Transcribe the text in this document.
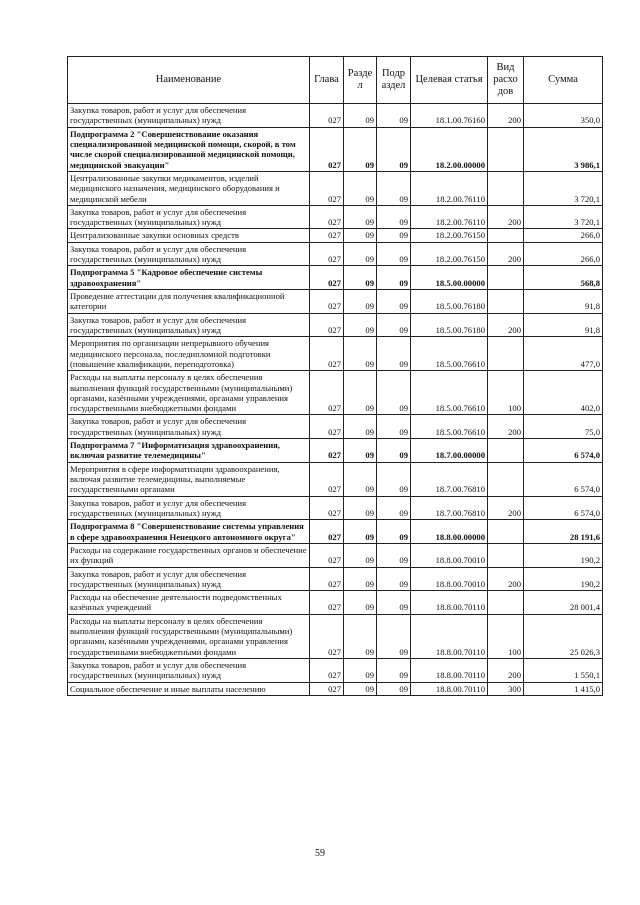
Наименование	Глава	Разде л	Подр аздел	Целевая статья	Вид расхо дов	Сумма
Закупка товаров, работ и услуг для обеспечения государственных (муниципальных) нужд	027	09	09	18.1.00.76160	200	350,0
Подпрограмма 2 "Совершенствование оказания специализированной медицинской помощи, скорой, в том числе скорой специализированной медицинской помощи, медицинской эвакуации"	027	09	09	18.2.00.00000		3 986,1
Централизованные закупки медикаментов, изделий медицинского назначения, медицинского оборудования и медицинской мебели	027	09	09	18.2.00.76110		3 720,1
Закупка товаров, работ и услуг для обеспечения государственных (муниципальных) нужд	027	09	09	18.2.00.76110	200	3 720,1
Централизованные закупки основных средств	027	09	09	18.2.00.76150		266,0
Закупка товаров, работ и услуг для обеспечения государственных (муниципальных) нужд	027	09	09	18.2.00.76150	200	266,0
Подпрограмма 5 "Кадровое обеспечение системы здравоохранения"	027	09	09	18.5.00.00000		568,8
Проведение аттестации для получения квалификационной категории	027	09	09	18.5.00.76180		91,8
Закупка товаров, работ и услуг для обеспечения государственных (муниципальных) нужд	027	09	09	18.5.00.76180	200	91,8
Мероприятия по организации непрерывного обучения медицинского персонала, последипломной подготовки (повышение квалификации, переподготовка)	027	09	09	18.5.00.76610		477,0
Расходы на выплаты персоналу в целях обеспечения выполнения функций государственными (муниципальными) органами, казёнными учреждениями, органами управления государственными внебюджетными фондами	027	09	09	18.5.00.76610	100	402,0
Закупка товаров, работ и услуг для обеспечения государственных (муниципальных) нужд	027	09	09	18.5.00.76610	200	75,0
Подпрограмма 7 "Информатизация здравоохранения, включая развитие телемедицины"	027	09	09	18.7.00.00000		6 574,0
Мероприятия в сфере информатизации здравоохранения, включая развитие телемедицины, выполняемые государственными органами	027	09	09	18.7.00.76810		6 574,0
Закупка товаров, работ и услуг для обеспечения государственных (муниципальных) нужд	027	09	09	18.7.00.76810	200	6 574,0
Подпрограмма 8 "Совершенствование системы управления в сфере здравоохранения Ненецкого автономного округа"	027	09	09	18.8.00.00000		28 191,6
Расходы на содержание государственных органов и обеспечение их функций	027	09	09	18.8.00.70010		190,2
Закупка товаров, работ и услуг для обеспечения государственных (муниципальных) нужд	027	09	09	18.8.00.70010	200	190,2
Расходы на обеспечение деятельности подведомственных казённых учреждений	027	09	09	18.8.00.70110		28 001,4
Расходы на выплаты персоналу в целях обеспечения выполнения функций государственными (муниципальными) органами, казёнными учреждениями, органами управления государственными внебюджетными фондами	027	09	09	18.8.00.70110	100	25 026,3
Закупка товаров, работ и услуг для обеспечения государственных (муниципальных) нужд	027	09	09	18.8.00.70110	200	1 550,1
Социальное обеспечение и иные выплаты населению	027	09	09	18.8.00.70110	300	1 415,0
59
